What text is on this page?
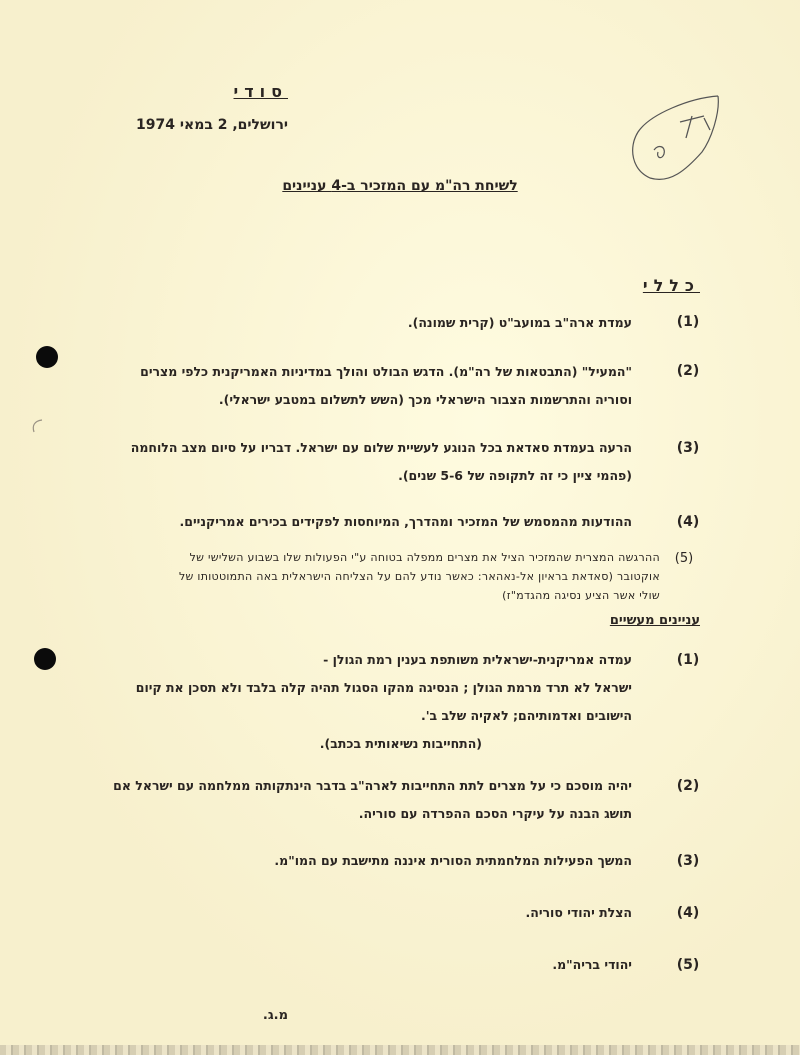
סודי
ירושלים, 2 במאי 1974
לשיחת רה"מ עם המזכיר ב-4 עניינים
כללי
(1)
עמדת ארה"ב במועב"ט (קרית שמונה).
(2)
"המעיל" (התבטאות של רה"מ). הדגש הבולט והולך במדיניות האמריקנית כלפי מצרים
וסוריה והתרשמות הצבור הישראלי מכך (השש לתשלום במטבע ישראלי).
(3)
הרעה בעמדת סאדאת בכל הנוגע לעשיית שלום עם ישראל. דבריו על סיום מצב הלוחמה
(פהמי ציין כי זה לתקופה של 5-6 שנים).
(4)
ההודעות מהמסמש של המזכיר ומהדרך, המיוחסות לפקידים בכירים אמריקניים.
(5)
ההרגשה המצרית שהמזכיר הציל את מצרים ממפלה בטוחה ע"י הפעולות שלו בשבוע השלישי של
אוקטובר (סאדאת בראיון אל-נאהאר: כאשר נודע להם על הצליחה הישראלית באה התמוטטותו של
שולי אשר הציע נסיגה מהגדמ"ז)
עניינים מעשיים
(1)
עמדה אמריקנית-ישראלית משותפת בענין רמת הגולן -
ישראל לא תרד מרמת הגולן ; הנסיגה מהקו הסגול תהיה קלה בלבד ולא תסכן את קיום
הישובים ואדמותיהם; לאקיה שלב ב'.
(התחייבות נשיאותית בכתב).
(2)
יהיה מוסכם כי על מצרים לתת התחייבות לארה"ב בדבר הינתקותה ממלחמה עם ישראל אם
תושג הבנה על עיקרי הסכם ההפרדה עם סוריה.
(3)
המשך הפעילות המלחמתית הסורית איננה מתישבת עם המו"מ.
(4)
הצלת יהודי סוריה.
(5)
יהודי בריה"מ.
מ.ג.
